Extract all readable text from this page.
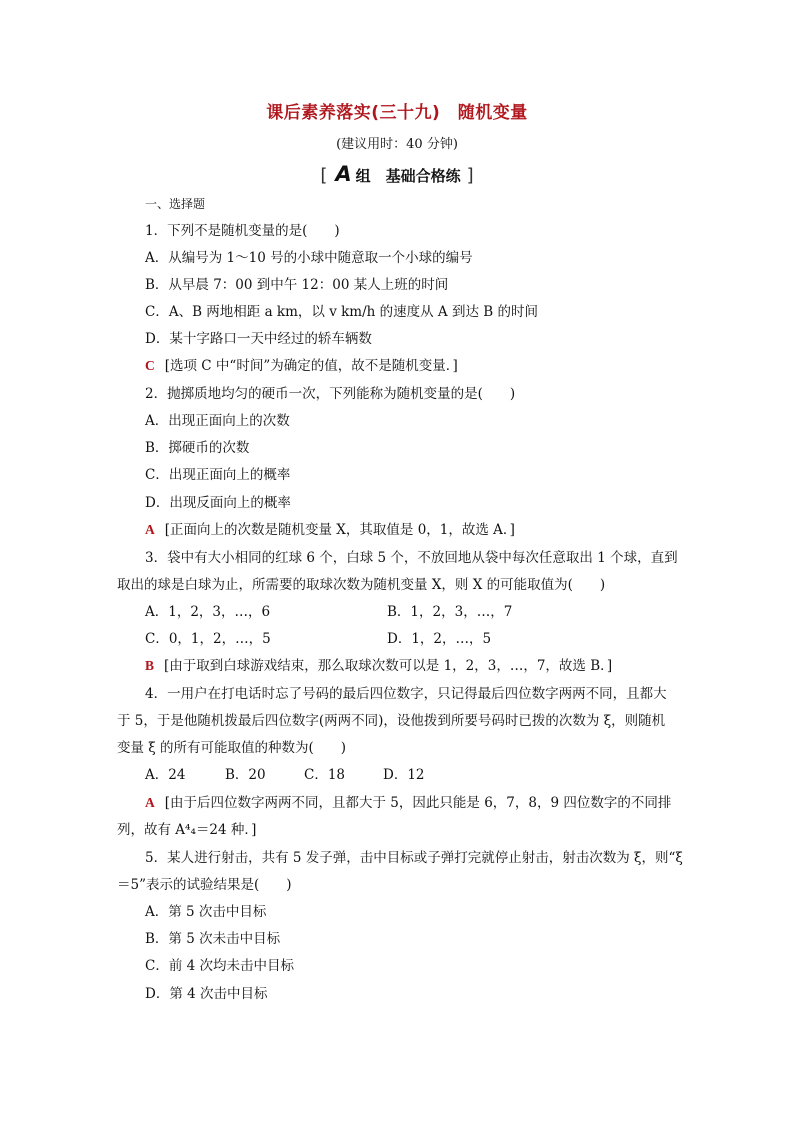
课后素养落实(三十九)　随机变量
(建议用时：40 分钟)
[ A 组　基础合格练 ]
一、选择题
1．下列不是随机变量的是(　　)
A．从编号为 1～10 号的小球中随意取一个小球的编号
B．从早晨 7：00 到中午 12：00 某人上班的时间
C．A、B 两地相距 a km，以 v km/h 的速度从 A 到达 B 的时间
D．某十字路口一天中经过的轿车辆数
C [选项 C 中“时间”为确定的值，故不是随机变量．]
2．抛掷质地均匀的硬币一次，下列能称为随机变量的是(　　)
A．出现正面向上的次数
B．掷硬币的次数
C．出现正面向上的概率
D．出现反面向上的概率
A [正面向上的次数是随机变量 X，其取值是 0，1，故选 A．]
3．袋中有大小相同的红球 6 个，白球 5 个，不放回地从袋中每次任意取出 1 个球，直到
取出的球是白球为止，所需要的取球次数为随机变量 X，则 X 的可能取值为(　　)
A．1，2，3，…，6	B．1，2，3，…，7
C．0，1，2，…，5	D．1，2，…，5
B [由于取到白球游戏结束，那么取球次数可以是 1，2，3，…，7，故选 B．]
4．一用户在打电话时忘了号码的最后四位数字，只记得最后四位数字两两不同，且都大
于 5，于是他随机拨最后四位数字(两两不同)，设他拨到所要号码时已拨的次数为 ξ，则随机
变量 ξ 的所有可能取值的种数为(　　)
A．24	B．20	C．18	D．12
A [由于后四位数字两两不同，且都大于 5，因此只能是 6，7，8，9 四位数字的不同排
列，故有 A⁴₄＝24 种．]
5．某人进行射击，共有 5 发子弹，击中目标或子弹打完就停止射击，射击次数为 ξ，则“ξ
＝5”表示的试验结果是(　　)
A．第 5 次击中目标
B．第 5 次未击中目标
C．前 4 次均未击中目标
D．第 4 次击中目标
